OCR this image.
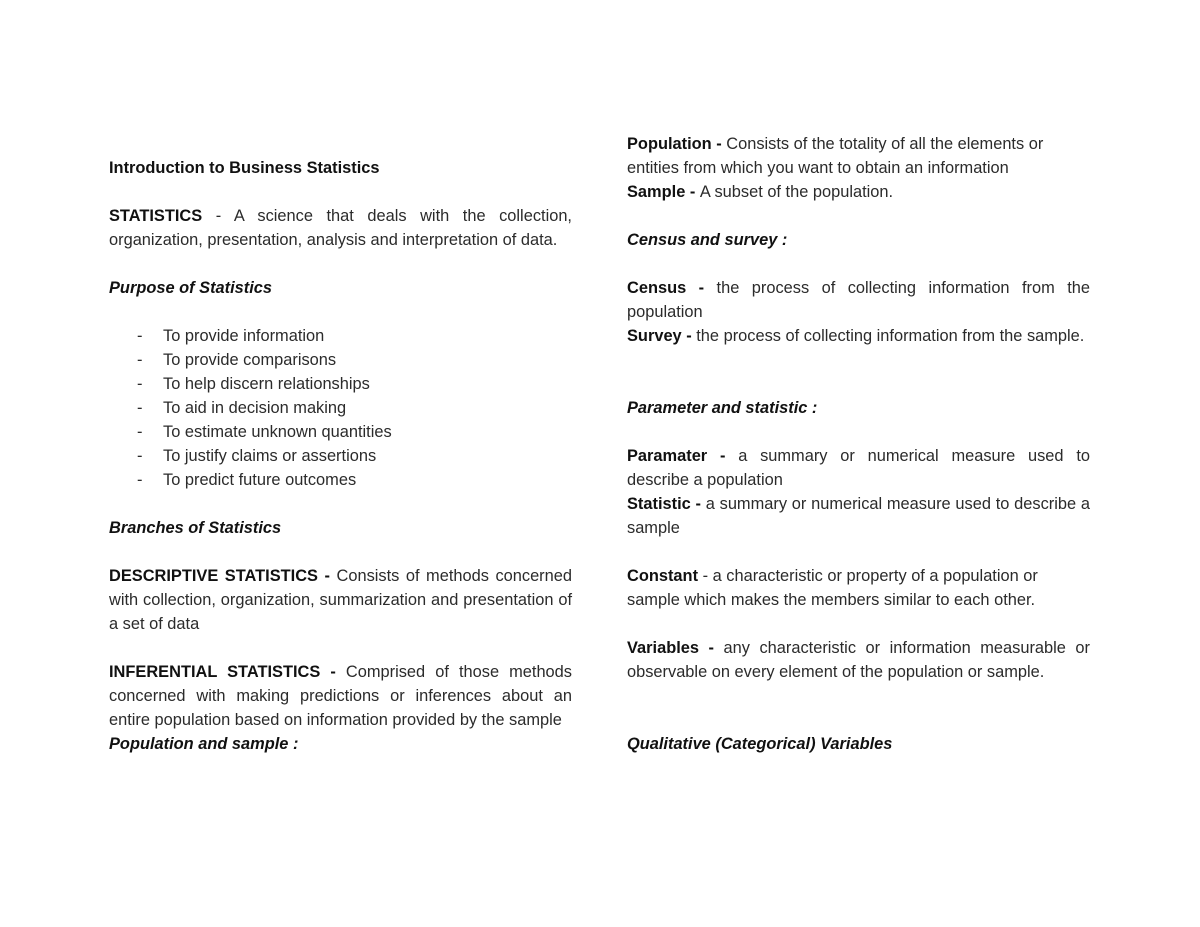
Introduction to Business Statistics

STATISTICS - A science that deals with the collection, organization, presentation, analysis and interpretation of data.

Purpose of Statistics

- To provide information
- To provide comparisons
- To help discern relationships
- To aid in decision making
- To estimate unknown quantities
- To justify claims or assertions
- To predict future outcomes

Branches of Statistics

DESCRIPTIVE STATISTICS - Consists of methods concerned with collection, organization, summarization and presentation of a set of data

INFERENTIAL STATISTICS - Comprised of those methods concerned with making predictions or inferences about an entire population based on information provided by the sample

Population and sample :

Population - Consists of the totality of all the elements or entities from which you want to obtain an information

Sample - A subset of the population.

Census and survey :

Census - the process of collecting information from the population

Survey - the process of collecting information from the sample.

Parameter and statistic :

Paramater - a summary or numerical measure used to describe a population

Statistic - a summary or numerical measure used to describe a sample

Constant - a characteristic or property of a population or sample which makes the members similar to each other.

Variables - any characteristic or information measurable or observable on every element of the population or sample.

Qualitative (Categorical) Variables
